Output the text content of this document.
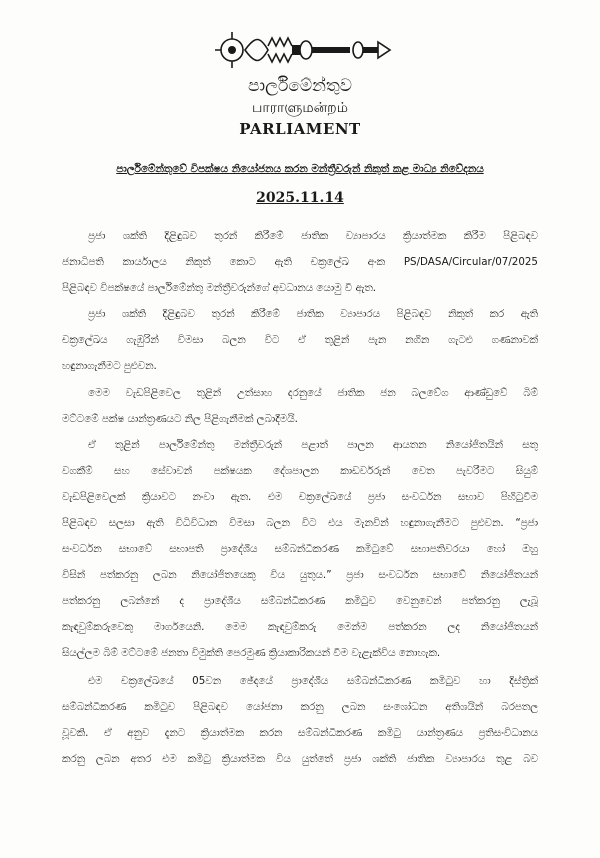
පාර්ලිමේන්තුව
பாராளுமன்றம்
PARLIAMENT
පාර්ලිමේන්තුවේ විපක්ෂය නියෝජනය කරන මන්ත්‍රීවරුන් නිකුත් කළ මාධ්‍ය නිවේදනය
2025.11.14
ප්‍රජා ශක්ති දිළිඳුබව තුරන් කිරීමේ ජාතික ව්‍යාපාරය ක්‍රියාත්මක කිරීම පිළිබඳව
ජනාධිපති කාර්යාලය නිකුත් කොට ඇති චක්‍රලේඛ අංක PS/DASA/Circular/07/2025
පිළිබඳව විපක්ෂයේ පාර්ලිමේන්තු මන්ත්‍රීවරුන්ගේ අවධානය යොමු වී ඇත.
ප්‍රජා ශක්ති දිළිඳුබව තුරන් කිරීමේ ජාතික ව්‍යාපාරය පිළිබඳව නිකුත් කර ඇති
චක්‍රලේඛය ගැඹුරින් විමසා බලන විට ඒ තුළින් පැන නගින ගැටළු ගණනාවක්
හඳුනාගැනීමට පුළුවන.
මෙම වැඩපිළිවෙල තුළින් උත්සාහ දරනුයේ ජාතික ජන බලවේග ආණ්ඩුවේ බිම්
මට්ටමේ පක්ෂ යාන්ත්‍රණයට නිල පිළිගැනීමක් ලබාදීමයි.
ඒ තුළින් පාර්ලිමේන්තු මන්ත්‍රීවරුන් පළාත් පාලන ආයතන නියෝජිතයින් සතු
වගකීම් සහ සේවාවන් පක්ෂයක දේශපාලන කාඩර්වරුන් වෙත පැවරීමට සියුම්
වැඩපිළිවෙලක් ක්‍රියාවට නංවා ඇත. එම චක්‍රලේඛයේ ප්‍රජා සංවර්ධන සභාව පිහිටුවීම
පිළිබඳව සලසා ඇති විධිවිධාන විමසා බලන විට එය මැනවින් හඳුනාගැනීමට පුළුවන. “ප්‍රජා
සංවර්ධන සභාවේ සභාපති ප්‍රාදේශීය සම්බන්ධීකරණ කමිටුවේ සභාපතිවරයා හෝ ඔහු
විසින් පත්කරනු ලබන නියෝජිතයෙකු විය යුතුය.” ප්‍රජා සංවර්ධන සභාවේ නියෝජිතයන්
පත්කරනු ලබන්නේ ද ප්‍රාදේශීය සම්බන්ධීකරණ කමිටුව වෙනුවෙන් පත්කරනු ලැබූ
කැඳවුම්කරුවෙකු මාර්ගයෙනි. මෙම කැඳවුම්කරු මෙන්ම පත්කරන ලද නියෝජිතයන්
සියල්ලම බිම් මට්ටමේ ජනතා විමුක්ති පෙරමුණ ක්‍රියාකාරිකයන් වීම වැළැක්විය නොහැක.
එම චක්‍රලේඛයේ 05වන ඡේදයේ ප්‍රාදේශීය සම්බන්ධීකරණ කමිටුව හා දිස්ත්‍රික්
සම්බන්ධීකරණ කමිටුව පිළිබඳව යෝජනා කරනු ලබන සංශෝධන අතිශයින් බරපතල
වූවකි. ඒ අනුව දැනට ක්‍රියාත්මක කරන සම්බන්ධීකරණ කමිටු යාන්ත්‍රණය ප්‍රතිසංවිධානය
කරනු ලබන අතර එම කමිටු ක්‍රියාත්මක විය යුත්තේ ප්‍රජා ශක්ති ජාතික ව්‍යාපාරය තුළ බව
